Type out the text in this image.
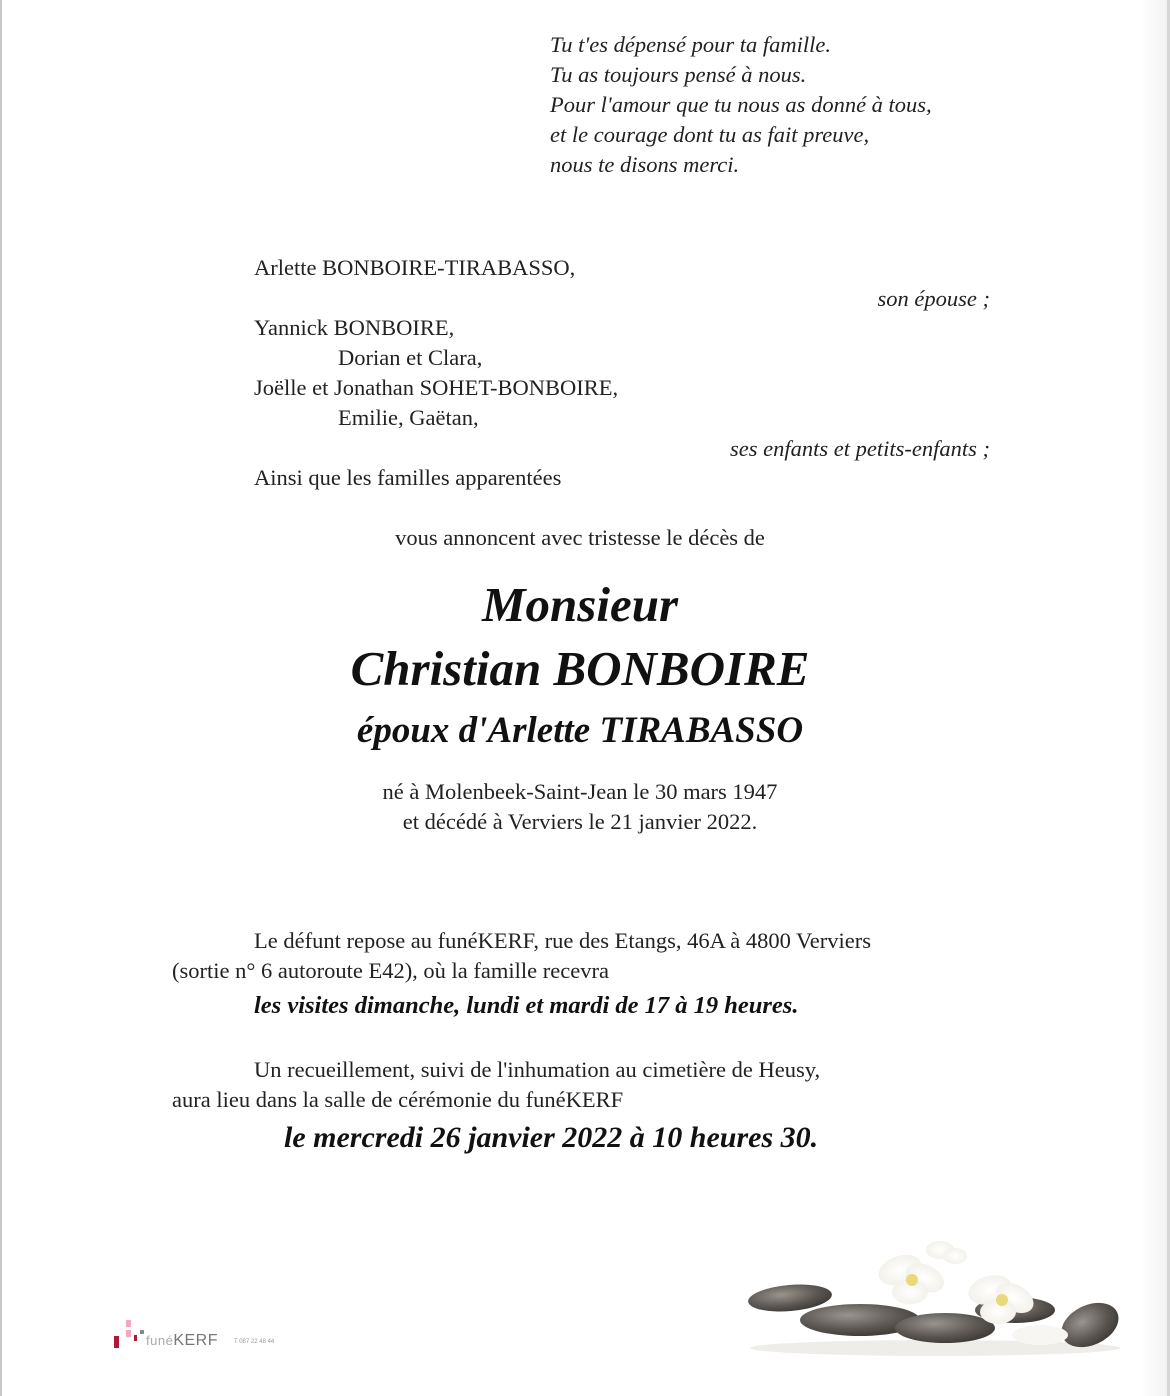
Tu t'es dépensé pour ta famille.
Tu as toujours pensé à nous.
Pour l'amour que tu nous as donné à tous,
et le courage dont tu as fait preuve,
nous te disons merci.
Arlette BONBOIRE-TIRABASSO,
son épouse ;
Yannick BONBOIRE,
Dorian et Clara,
Joëlle et Jonathan SOHET-BONBOIRE,
Emilie, Gaëtan,
ses enfants et petits-enfants ;
Ainsi que les familles apparentées
vous annoncent avec tristesse le décès de
Monsieur
Christian BONBOIRE
époux d'Arlette TIRABASSO
né à Molenbeek-Saint-Jean le 30 mars 1947
et décédé à Verviers le 21 janvier 2022.
Le défunt repose au funéKERF, rue des Etangs, 46A à 4800 Verviers
(sortie n° 6 autoroute E42), où la famille recevra
les visites dimanche, lundi et mardi de 17 à 19 heures.
Un recueillement, suivi de l'inhumation au cimetière de Heusy,
aura lieu dans la salle de cérémonie du funéKERF
le mercredi 26 janvier 2022 à 10 heures 30.
funéKERF	T 087 22 48 44
